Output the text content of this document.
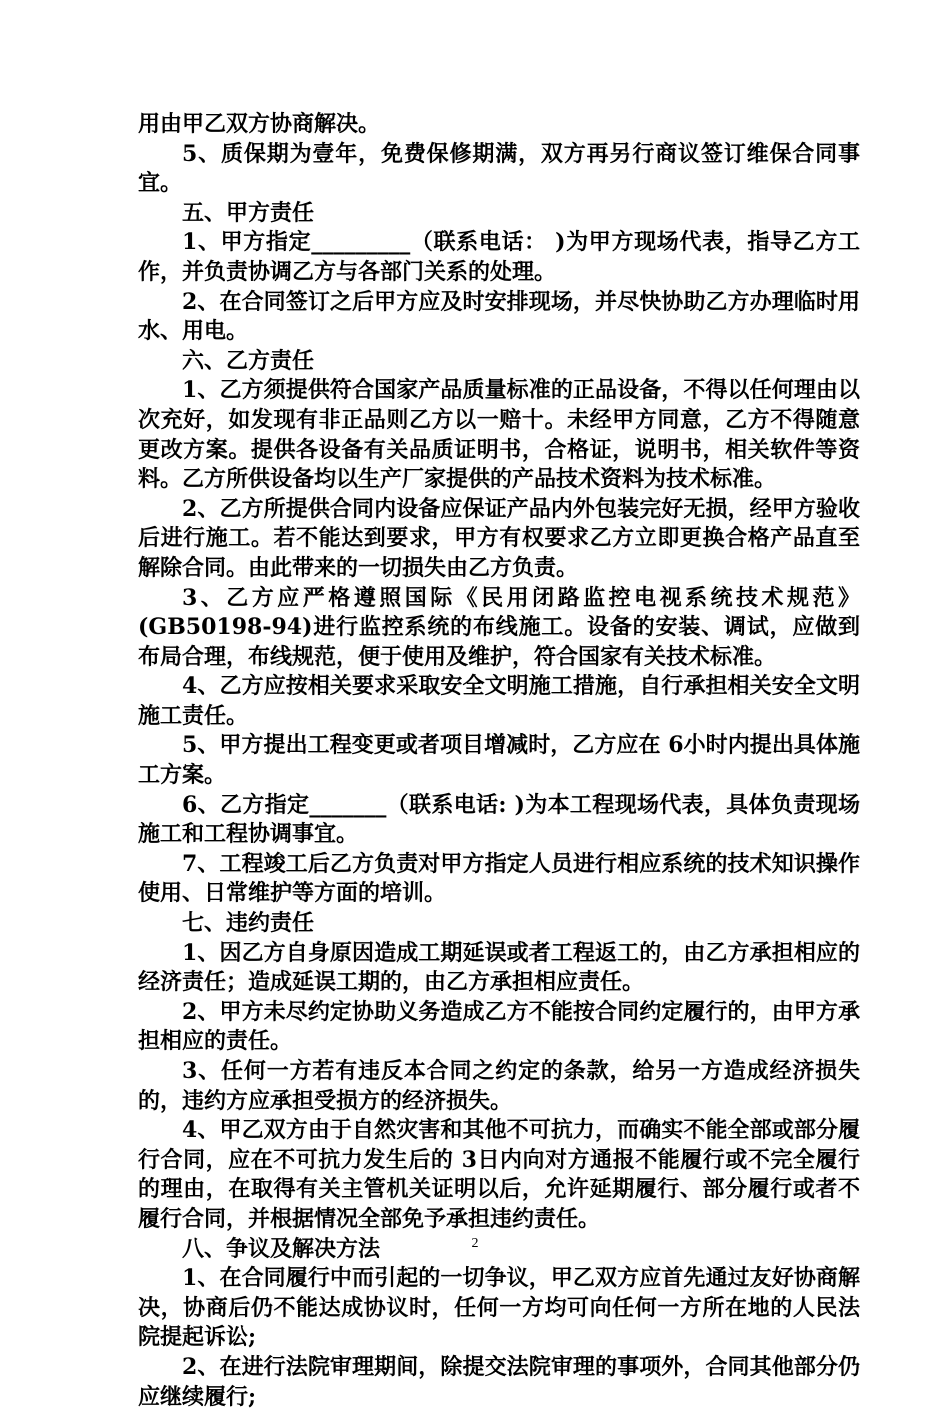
用由甲乙双方协商解决。

5、质保期为壹年，免费保修期满，双方再另行商议签订维保合同事宜。

五、甲方责任

1、甲方指定_________（联系电话： )为甲方现场代表，指导乙方工作，并负责协调乙方与各部门关系的处理。

2、在合同签订之后甲方应及时安排现场，并尽快协助乙方办理临时用水、用电。

六、乙方责任

1、乙方须提供符合国家产品质量标准的正品设备，不得以任何理由以次充好，如发现有非正品则乙方以一赔十。未经甲方同意，乙方不得随意更改方案。提供各设备有关品质证明书，合格证，说明书，相关软件等资料。乙方所供设备均以生产厂家提供的产品技术资料为技术标准。

2、乙方所提供合同内设备应保证产品内外包装完好无损，经甲方验收后进行施工。若不能达到要求，甲方有权要求乙方立即更换合格产品直至解除合同。由此带来的一切损失由乙方负责。

3、乙方应严格遵照国际《民用闭路监控电视系统技术规范》(GB50198-94)进行监控系统的布线施工。设备的安装、调试，应做到布局合理，布线规范，便于使用及维护，符合国家有关技术标准。

4、乙方应按相关要求采取安全文明施工措施，自行承担相关安全文明施工责任。

5、甲方提出工程变更或者项目增减时，乙方应在 6小时内提出具体施工方案。

6、乙方指定_______（联系电话: )为本工程现场代表，具体负责现场施工和工程协调事宜。

7、工程竣工后乙方负责对甲方指定人员进行相应系统的技术知识操作使用、日常维护等方面的培训。

七、违约责任

1、因乙方自身原因造成工期延误或者工程返工的，由乙方承担相应的经济责任；造成延误工期的，由乙方承担相应责任。

2、甲方未尽约定协助义务造成乙方不能按合同约定履行的，由甲方承担相应的责任。

3、任何一方若有违反本合同之约定的条款，给另一方造成经济损失的，违约方应承担受损方的经济损失。

4、甲乙双方由于自然灾害和其他不可抗力，而确实不能全部或部分履行合同，应在不可抗力发生后的 3日内向对方通报不能履行或不完全履行的理由，在取得有关主管机关证明以后，允许延期履行、部分履行或者不履行合同，并根据情况全部免予承担违约责任。

八、争议及解决方法

1、在合同履行中而引起的一切争议，甲乙双方应首先通过友好协商解决，协商后仍不能达成协议时，任何一方均可向任何一方所在地的人民法院提起诉讼;

2、在进行法院审理期间，除提交法院审理的事项外，合同其他部分仍应继续履行;

2
